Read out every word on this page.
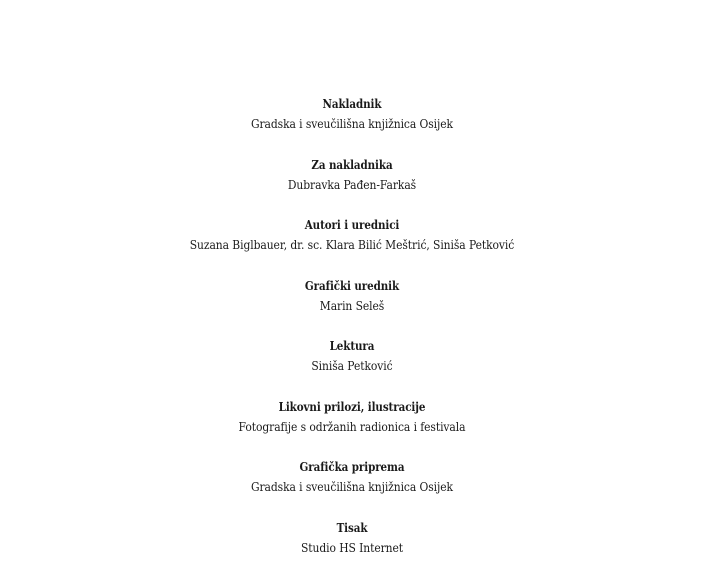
Nakladnik
Gradska i sveučilišna knjižnica Osijek
Za nakladnika
Dubravka Pađen-Farkaš
Autori i urednici
Suzana Biglbauer, dr. sc. Klara Bilić Meštrić, Siniša Petković
Grafički urednik
Marin Seleš
Lektura
Siniša Petković
Likovni prilozi, ilustracije
Fotografije s održanih radionica i festivala
Grafička priprema
Gradska i sveučilišna knjižnica Osijek
Tisak
Studio HS Internet
